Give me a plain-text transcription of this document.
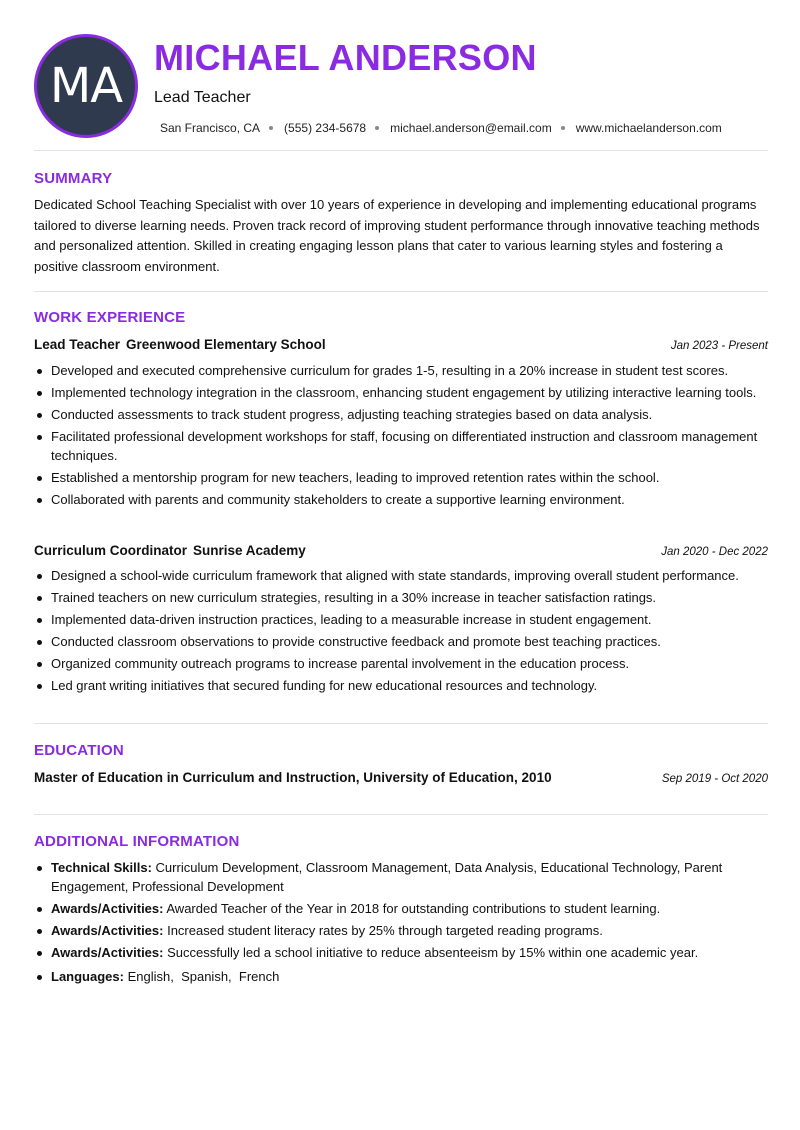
MA
MICHAEL ANDERSON
Lead Teacher
San Francisco, CA (555) 234-5678 michael.anderson@email.com www.michaelanderson.com
SUMMARY
Dedicated School Teaching Specialist with over 10 years of experience in developing and implementing educational programs tailored to diverse learning needs. Proven track record of improving student performance through innovative teaching methods and personalized attention. Skilled in creating engaging lesson plans that cater to various learning styles and fostering a positive classroom environment.
WORK EXPERIENCE
Lead Teacher Greenwood Elementary School	Jan 2023 - Present
Developed and executed comprehensive curriculum for grades 1-5, resulting in a 20% increase in student test scores.
Implemented technology integration in the classroom, enhancing student engagement by utilizing interactive learning tools.
Conducted assessments to track student progress, adjusting teaching strategies based on data analysis.
Facilitated professional development workshops for staff, focusing on differentiated instruction and classroom management techniques.
Established a mentorship program for new teachers, leading to improved retention rates within the school.
Collaborated with parents and community stakeholders to create a supportive learning environment.
Curriculum Coordinator Sunrise Academy	Jan 2020 - Dec 2022
Designed a school-wide curriculum framework that aligned with state standards, improving overall student performance.
Trained teachers on new curriculum strategies, resulting in a 30% increase in teacher satisfaction ratings.
Implemented data-driven instruction practices, leading to a measurable increase in student engagement.
Conducted classroom observations to provide constructive feedback and promote best teaching practices.
Organized community outreach programs to increase parental involvement in the education process.
Led grant writing initiatives that secured funding for new educational resources and technology.
EDUCATION
Master of Education in Curriculum and Instruction, University of Education, 2010	Sep 2019 - Oct 2020
ADDITIONAL INFORMATION
Technical Skills: Curriculum Development, Classroom Management, Data Analysis, Educational Technology, Parent Engagement, Professional Development
Awards/Activities: Awarded Teacher of the Year in 2018 for outstanding contributions to student learning.
Awards/Activities: Increased student literacy rates by 25% through targeted reading programs.
Awards/Activities: Successfully led a school initiative to reduce absenteeism by 15% within one academic year.
Languages: English,  Spanish,  French
